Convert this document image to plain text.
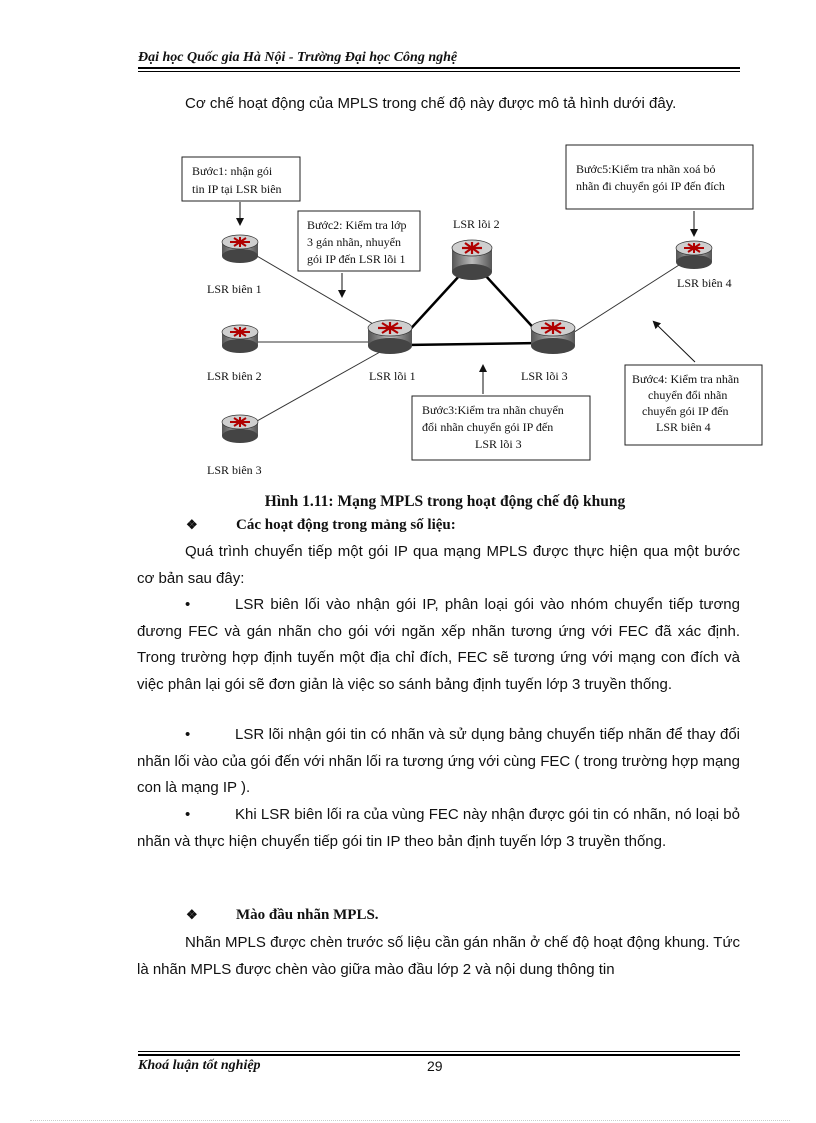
Đại học Quốc gia Hà Nội - Trường Đại học Công nghệ

Cơ chế hoạt động của MPLS trong chế độ này được mô tả hình dưới đây.

LSR biên 1
LSR biên 2
LSR biên 3
LSR lõi 1
LSR lõi 2
LSR lõi 3
LSR biên 4
Bước1: nhận gói
tin IP tại LSR biên
Bước2: Kiểm tra lớp
3 gán nhãn, nhuyển
gói IP đến LSR lõi 1
Bước3:Kiểm tra nhãn chuyển
đổi nhãn chuyển gói IP đến
LSR lõi 3
Bước4: Kiểm tra nhãn
chuyển đổi nhãn
chuyển gói IP đến
LSR biên 4
Bước5:Kiểm tra nhãn xoá bỏ
nhãn đi chuyển gói IP đến đích
Hình 1.11: Mạng MPLS trong hoạt động chế độ khung
❖	Các hoạt động trong mảng số liệu:

Quá trình chuyển tiếp một gói IP qua mạng MPLS được thực hiện qua một bước cơ bản sau đây:

•	LSR biên lối vào nhận gói IP, phân loại gói vào nhóm chuyển tiếp tương đương FEC và gán nhãn cho gói với ngăn xếp nhãn tương ứng với FEC đã xác định. Trong trường hợp định tuyến một địa chỉ đích, FEC sẽ tương ứng với mạng con đích và việc phân lại gói sẽ đơn giản là việc so sánh bảng định tuyến lớp 3 truyền thống.

•	LSR lõi nhận gói tin có nhãn và sử dụng bảng chuyển tiếp nhãn để thay đổi nhãn lối vào của gói đến với nhãn lối ra tương ứng với cùng FEC ( trong trường hợp mạng con là mạng IP ).

•	Khi LSR biên lối ra của vùng FEC này nhận được gói tin có nhãn, nó loại bỏ nhãn và thực hiện chuyển tiếp gói tin IP theo bản định tuyến lớp 3 truyền thống.

❖	Mào đầu nhãn MPLS.

Nhãn MPLS được chèn trước số liệu cần gán nhãn ở chế độ hoạt động khung. Tức là nhãn MPLS được chèn vào giữa mào đầu lớp 2 và nội dung thông tin

Khoá luận tốt nghiệp	29
